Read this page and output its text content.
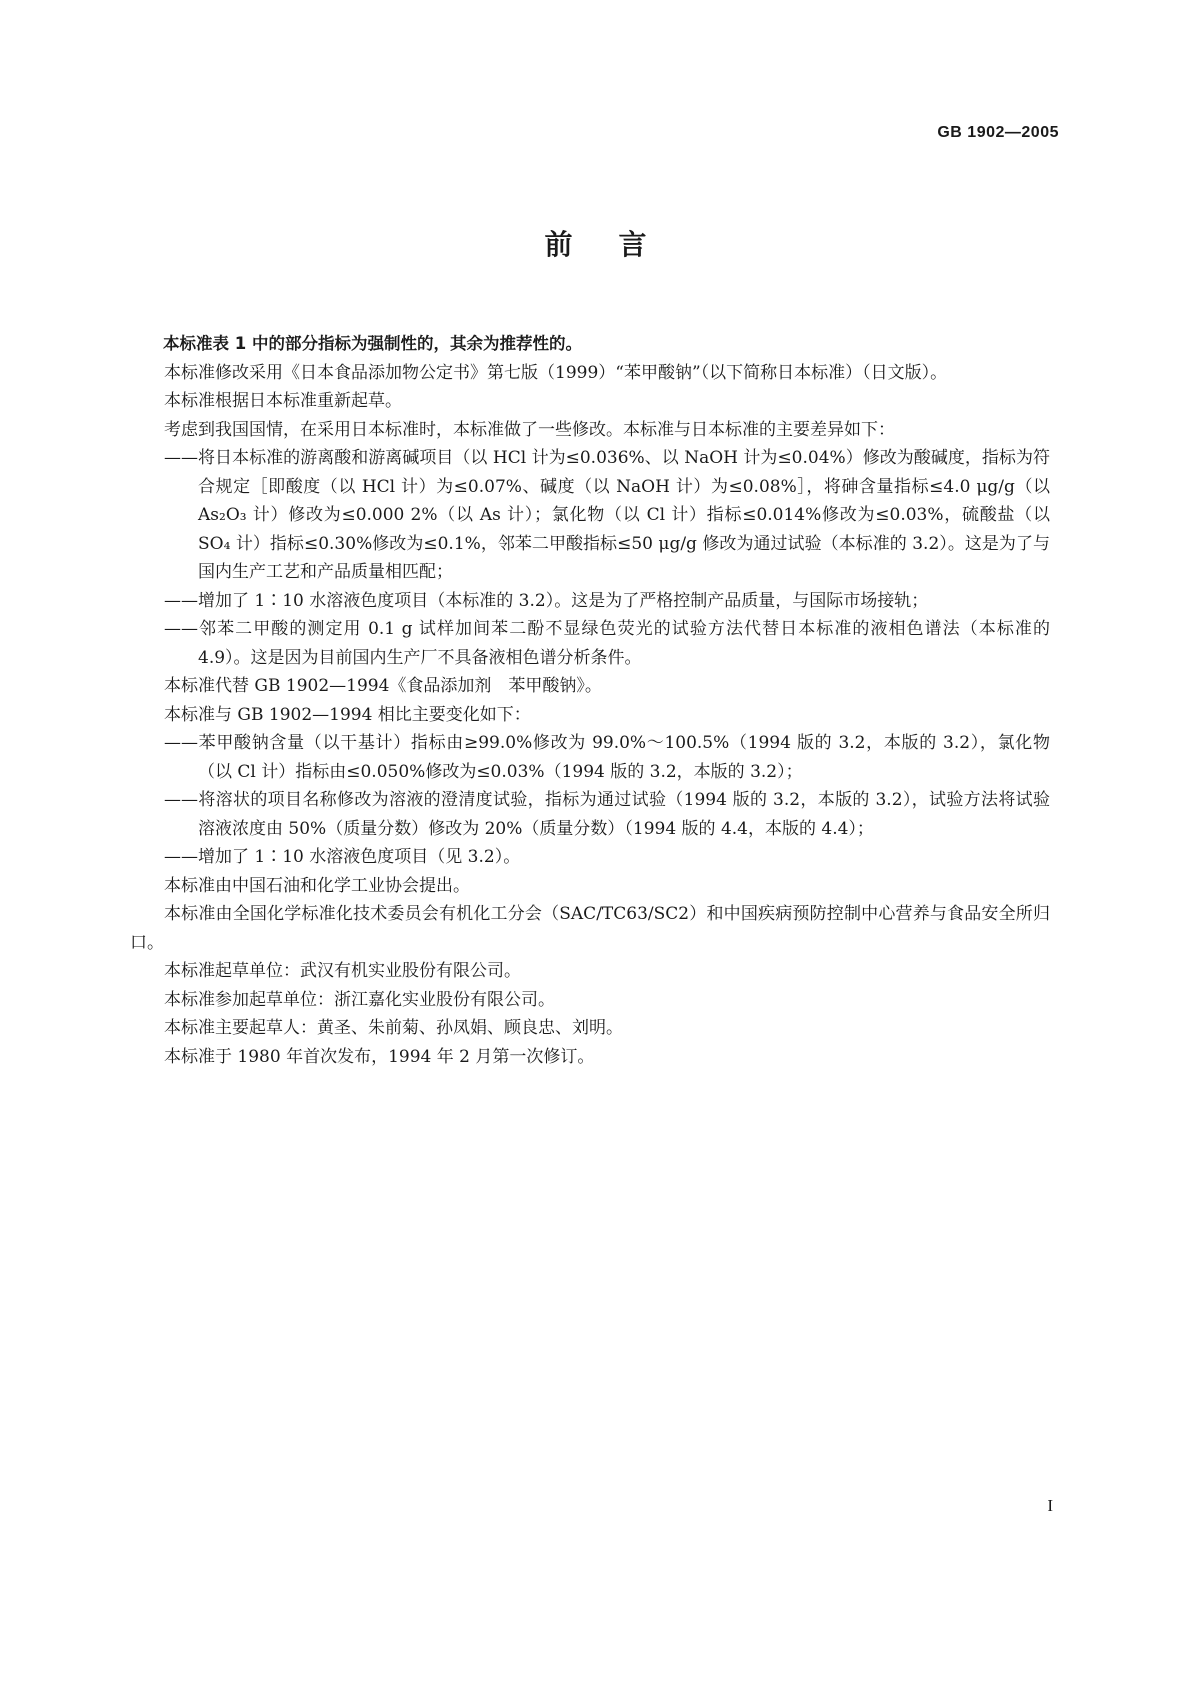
GB 1902—2005
前言

本标准表 1 中的部分指标为强制性的，其余为推荐性的。

本标准修改采用《日本食品添加物公定书》第七版（1999）“苯甲酸钠”（以下简称日本标准）（日文版）。

本标准根据日本标准重新起草。

考虑到我国国情，在采用日本标准时，本标准做了一些修改。本标准与日本标准的主要差异如下：

——将日本标准的游离酸和游离碱项目（以 HCl 计为≤0.036%、以 NaOH 计为≤0.04%）修改为酸碱度，指标为符合规定［即酸度（以 HCl 计）为≤0.07%、碱度（以 NaOH 计）为≤0.08%］，将砷含量指标≤4.0 μg/g（以 As₂O₃ 计）修改为≤0.000 2%（以 As 计）；氯化物（以 Cl 计）指标≤0.014%修改为≤0.03%，硫酸盐（以 SO₄ 计）指标≤0.30%修改为≤0.1%，邻苯二甲酸指标≤50 μg/g 修改为通过试验（本标准的 3.2）。这是为了与国内生产工艺和产品质量相匹配；

——增加了 1∶10 水溶液色度项目（本标准的 3.2）。这是为了严格控制产品质量，与国际市场接轨；

——邻苯二甲酸的测定用 0.1 g 试样加间苯二酚不显绿色荧光的试验方法代替日本标准的液相色谱法（本标准的 4.9）。这是因为目前国内生产厂不具备液相色谱分析条件。

本标准代替 GB 1902—1994《食品添加剂　苯甲酸钠》。

本标准与 GB 1902—1994 相比主要变化如下：

——苯甲酸钠含量（以干基计）指标由≥99.0%修改为 99.0%～100.5%（1994 版的 3.2，本版的 3.2），氯化物（以 Cl 计）指标由≤0.050%修改为≤0.03%（1994 版的 3.2，本版的 3.2）；

——将溶状的项目名称修改为溶液的澄清度试验，指标为通过试验（1994 版的 3.2，本版的 3.2），试验方法将试验溶液浓度由 50%（质量分数）修改为 20%（质量分数）（1994 版的 4.4，本版的 4.4）；

——增加了 1∶10 水溶液色度项目（见 3.2）。

本标准由中国石油和化学工业协会提出。

本标准由全国化学标准化技术委员会有机化工分会（SAC/TC63/SC2）和中国疾病预防控制中心营养与食品安全所归口。

本标准起草单位：武汉有机实业股份有限公司。

本标准参加起草单位：浙江嘉化实业股份有限公司。

本标准主要起草人：黄圣、朱前菊、孙凤娟、顾良忠、刘明。

本标准于 1980 年首次发布，1994 年 2 月第一次修订。

I
